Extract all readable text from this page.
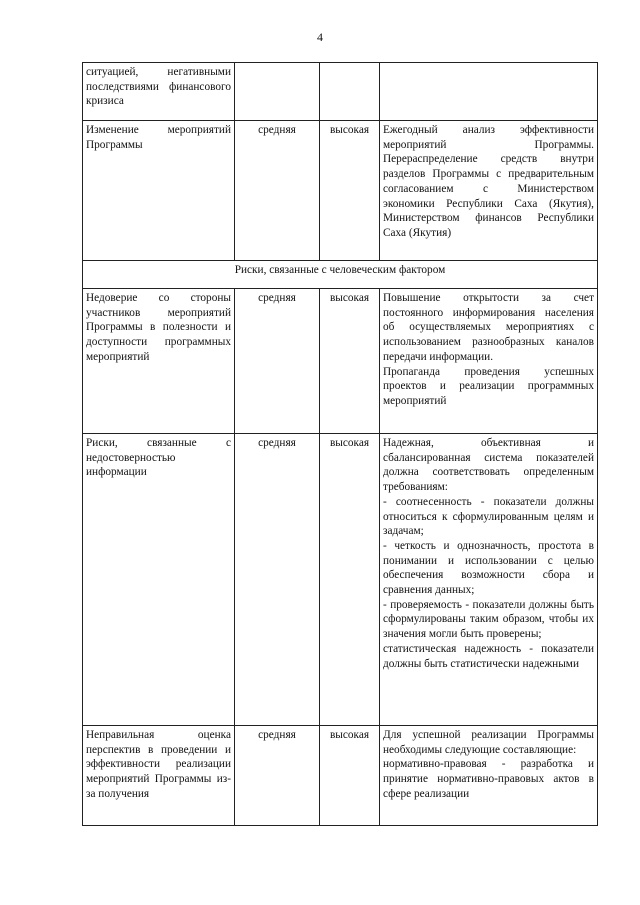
4
ситуацией, негативными последствиями финансового кризиса			
Изменение мероприятий Программы	средняя	высокая	Ежегодный анализ эффективности мероприятий Программы. Перераспределение средств внутри разделов Программы с предварительным согласованием с Министерством экономики Республики Саха (Якутия), Министерством финансов Республики Саха (Якутия)
Риски, связанные с человеческим фактором			
Недоверие со стороны участников мероприятий Программы в полезности и доступности программных мероприятий	средняя	высокая	Повышение открытости за счет постоянного информирования населения об осуществляемых мероприятиях с использованием разнообразных каналов передачи информации.
Пропаганда проведения успешных проектов и реализации программных мероприятий

Риски, связанные с недостоверностью информации	средняя	высокая	Надежная, объективная и сбалансированная система показателей должна соответствовать определенным требованиям:
- соотнесенность - показатели должны относиться к сформулированным целям и задачам;
- четкость и однозначность, простота в понимании и использовании с целью обеспечения возможности сбора и сравнения данных;
- проверяемость - показатели должны быть сформулированы таким образом, чтобы их значения могли быть проверены;
статистическая надежность - показатели должны быть статистически надежными

Неправильная оценка перспектив в проведении и эффективности реализации мероприятий Программы из-за получения	средняя	высокая	Для успешной реализации Программы необходимы следующие составляющие:
нормативно-правовая - разработка и принятие нормативно-правовых актов в сфере реализации
